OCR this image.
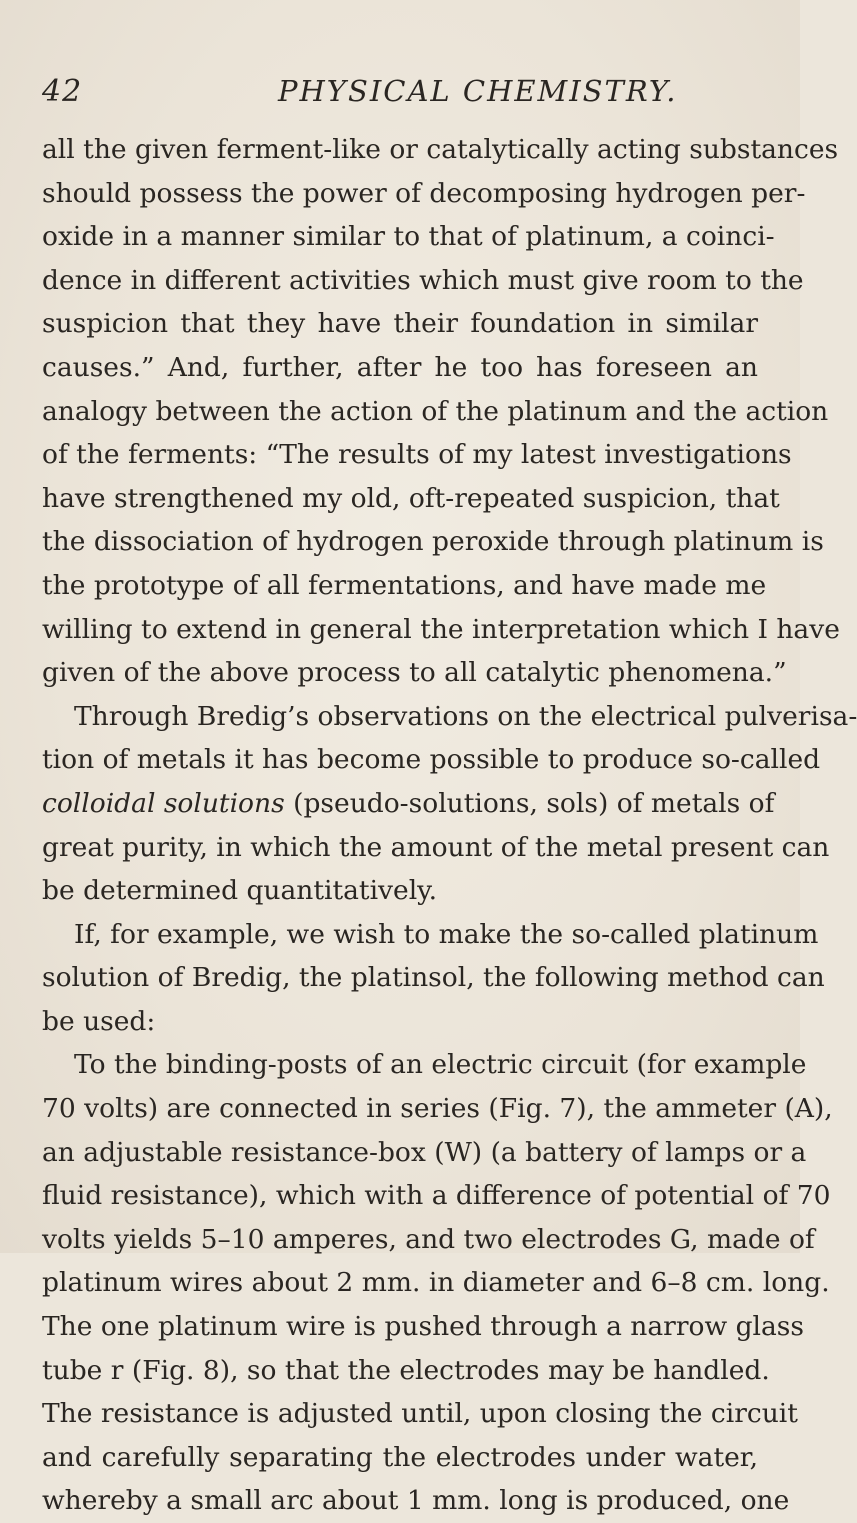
42	PHYSICAL CHEMISTRY.
all the given ferment-like or catalytically acting substances
should possess the power of decomposing hydrogen per-
oxide in a manner similar to that of platinum, a coinci-
dence in different activities which must give room to the
suspicion that they have their foundation in similar
causes.” And, further, after he too has foreseen an
analogy between the action of the platinum and the action
of the ferments: “The results of my latest investigations
have strengthened my old, oft-repeated suspicion, that
the dissociation of hydrogen peroxide through platinum is
the prototype of all fermentations, and have made me
willing to extend in general the interpretation which I have
given of the above process to all catalytic phenomena.”
Through Bredig’s observations on the electrical pulverisa-
tion of metals it has become possible to produce so-called
colloidal solutions (pseudo-solutions, sols) of metals of
great purity, in which the amount of the metal present can
be determined quantitatively.
If, for example, we wish to make the so-called platinum
solution of Bredig, the platinsol, the following method can
be used:
To the binding-posts of an electric circuit (for example
70 volts) are connected in series (Fig. 7), the ammeter (A),
an adjustable resistance-box (W) (a battery of lamps or a
fluid resistance), which with a difference of potential of 70
volts yields 5–10 amperes, and two electrodes G, made of
platinum wires about 2 mm. in diameter and 6–8 cm. long.
The one platinum wire is pushed through a narrow glass
tube r (Fig. 8), so that the electrodes may be handled.
The resistance is adjusted until, upon closing the circuit
and carefully separating the electrodes under water,
whereby a small arc about 1 mm. long is produced, one
